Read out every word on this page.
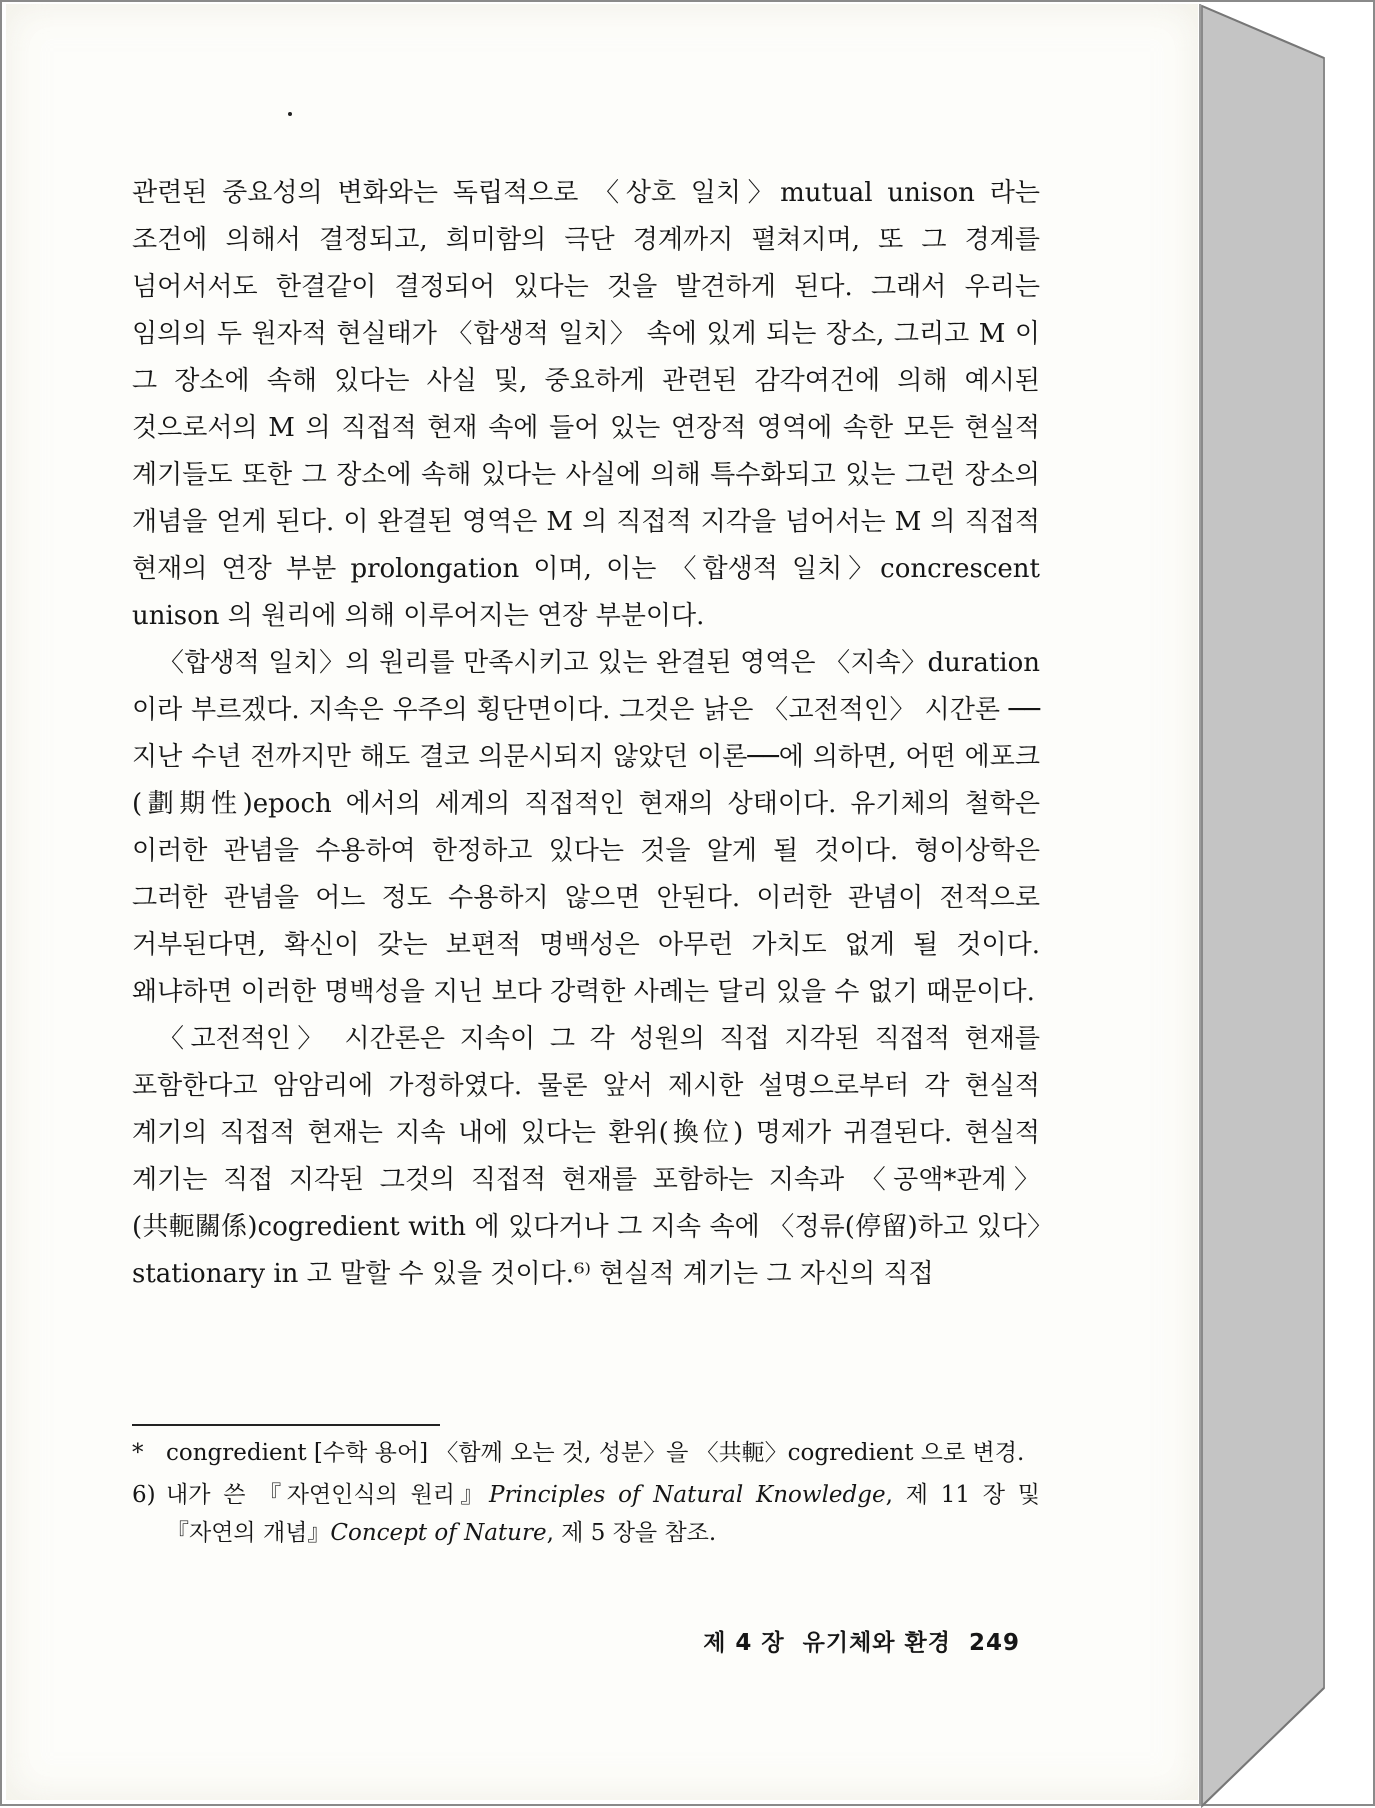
관련된 중요성의 변화와는 독립적으로 〈상호 일치〉mutual unison 라는 조건에 의해서 결정되고, 희미함의 극단 경계까지 펼쳐지며, 또 그 경계를 넘어서서도 한결같이 결정되어 있다는 것을 발견하게 된다. 그래서 우리는 임의의 두 원자적 현실태가 〈합생적 일치〉 속에 있게 되는 장소, 그리고 M 이 그 장소에 속해 있다는 사실 및, 중요하게 관련된 감각여건에 의해 예시된 것으로서의 M 의 직접적 현재 속에 들어 있는 연장적 영역에 속한 모든 현실적 계기들도 또한 그 장소에 속해 있다는 사실에 의해 특수화되고 있는 그런 장소의 개념을 얻게 된다. 이 완결된 영역은 M 의 직접적 지각을 넘어서는 M 의 직접적 현재의 연장 부분 prolongation 이며, 이는 〈합생적 일치〉concrescent unison 의 원리에 의해 이루어지는 연장 부분이다.

〈합생적 일치〉의 원리를 만족시키고 있는 완결된 영역은 〈지속〉duration 이라 부르겠다. 지속은 우주의 횡단면이다. 그것은 낡은 〈고전적인〉 시간론 ──지난 수년 전까지만 해도 결코 의문시되지 않았던 이론──에 의하면, 어떤 에포크(劃期性)epoch 에서의 세계의 직접적인 현재의 상태이다. 유기체의 철학은 이러한 관념을 수용하여 한정하고 있다는 것을 알게 될 것이다. 형이상학은 그러한 관념을 어느 정도 수용하지 않으면 안된다. 이러한 관념이 전적으로 거부된다면, 확신이 갖는 보편적 명백성은 아무런 가치도 없게 될 것이다. 왜냐하면 이러한 명백성을 지닌 보다 강력한 사례는 달리 있을 수 없기 때문이다.

〈고전적인〉 시간론은 지속이 그 각 성원의 직접 지각된 직접적 현재를 포함한다고 암암리에 가정하였다. 물론 앞서 제시한 설명으로부터 각 현실적 계기의 직접적 현재는 지속 내에 있다는 환위(換位) 명제가 귀결된다. 현실적 계기는 직접 지각된 그것의 직접적 현재를 포함하는 지속과 〈공액*관계〉(共軛關係)cogredient with 에 있다거나 그 지속 속에 〈정류(停留)하고 있다〉stationary in 고 말할 수 있을 것이다.⁶⁾ 현실적 계기는 그 자신의 직접

* congredient [수학 용어] 〈함께 오는 것, 성분〉을 〈共軛〉cogredient 으로 변경.
6) 내가 쓴 『자연인식의 원리』Principles of Natural Knowledge, 제 11 장 및 『자연의 개념』Concept of Nature, 제 5 장을 참조.
제 4 장 유기체와 환경 249
